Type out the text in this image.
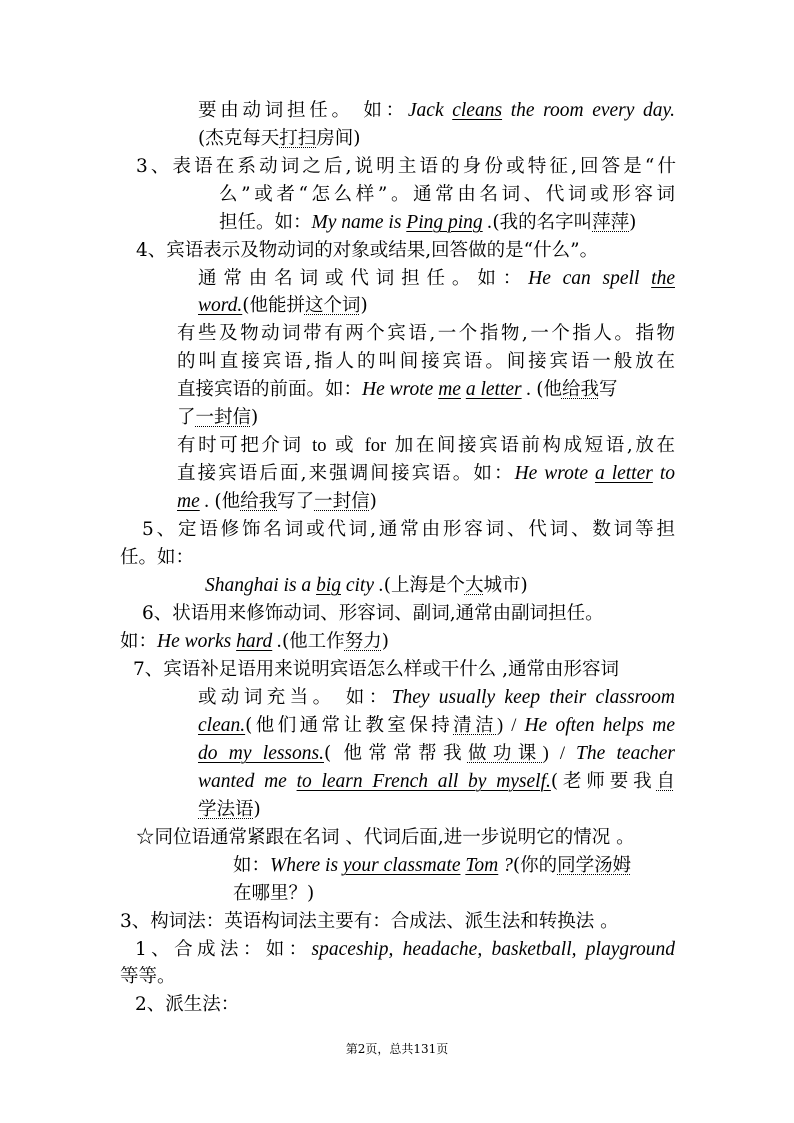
要由动词担任。 如：Jack cleans the room every day.
(杰克每天打扫房间)
3、表语在系动词之后,说明主语的身份或特征,回答是“什
么”或者“怎么样”。通常由名词、代词或形容词
担任。如：My name is Ping ping .(我的名字叫萍萍)
4、宾语表示及物动词的对象或结果,回答做的是“什么”。
通常由名词或代词担任。如：He can spell the
word.(他能拼这个词)
有些及物动词带有两个宾语,一个指物,一个指人。指物
的叫直接宾语,指人的叫间接宾语。间接宾语一般放在
直接宾语的前面。如：He wrote me a letter . (他给我写
了一封信)
有时可把介词 to 或 for 加在间接宾语前构成短语,放在
直接宾语后面,来强调间接宾语。如：He wrote a letter to
me . (他给我写了一封信)
5、定语修饰名词或代词,通常由形容词、代词、数词等担
任。如：
Shanghai is a big city .(上海是个大城市)
6、状语用来修饰动词、形容词、副词,通常由副词担任。
如：He works hard .(他工作努力)
7、宾语补足语用来说明宾语怎么样或干什么 ,通常由形容词
或动词充当。 如：They usually keep their classroom
clean.(他们通常让教室保持清洁) / He often helps me
do my lessons.( 他常常帮我做功课) / The teacher
wanted me to learn French all by myself.(老师要我自
学法语)
☆同位语通常紧跟在名词 、代词后面,进一步说明它的情况 。
如：Where is your classmate Tom ?(你的同学汤姆
在哪里？)
3、构词法：英语构词法主要有：合成法、派生法和转换法 。
1、合成法：如：spaceship, headache, basketball, playground
等等。
2、派生法：
第2页，总共131页
